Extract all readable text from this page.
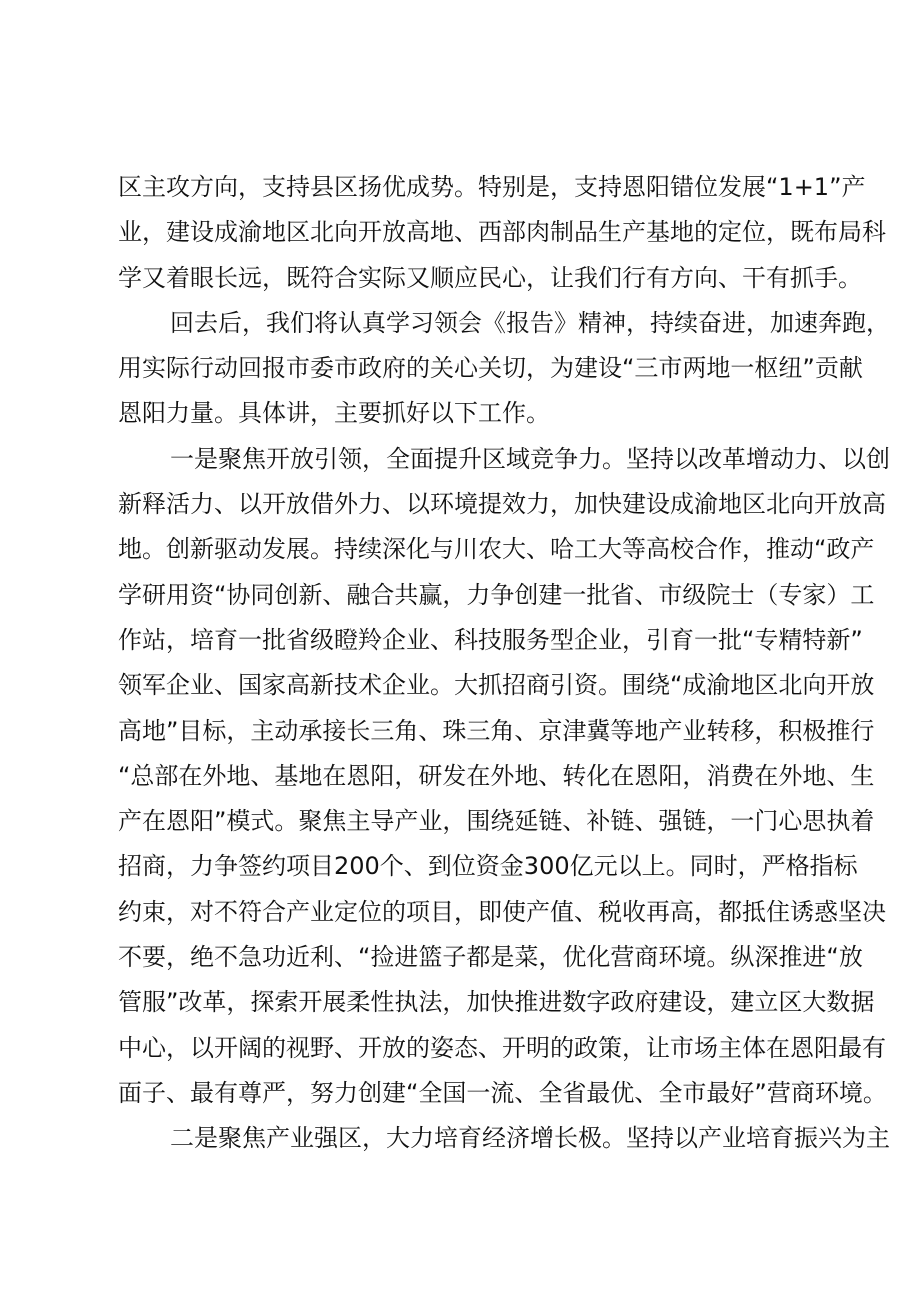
区主攻方向，支持县区扬优成势。特别是，支持恩阳错位发展“1+1”产
业，建设成渝地区北向开放高地、西部肉制品生产基地的定位，既布局科
学又着眼长远，既符合实际又顺应民心，让我们行有方向、干有抓手。
回去后，我们将认真学习领会《报告》精神，持续奋进，加速奔跑，
用实际行动回报市委市政府的关心关切，为建设“三市两地一枢纽”贡献
恩阳力量。具体讲，主要抓好以下工作。
一是聚焦开放引领，全面提升区域竞争力。坚持以改革增动力、以创
新释活力、以开放借外力、以环境提效力，加快建设成渝地区北向开放高
地。创新驱动发展。持续深化与川农大、哈工大等高校合作，推动“政产
学研用资“协同创新、融合共赢，力争创建一批省、市级院士（专家）工
作站，培育一批省级瞪羚企业、科技服务型企业，引育一批“专精特新”
领军企业、国家高新技术企业。大抓招商引资。围绕“成渝地区北向开放
高地”目标，主动承接长三角、珠三角、京津冀等地产业转移，积极推行
“总部在外地、基地在恩阳，研发在外地、转化在恩阳，消费在外地、生
产在恩阳”模式。聚焦主导产业，围绕延链、补链、强链，一门心思执着
招商，力争签约项目200个、到位资金300亿元以上。同时，严格指标
约束，对不符合产业定位的项目，即使产值、税收再高，都抵住诱惑坚决
不要，绝不急功近利、“捡进篮子都是菜，优化营商环境。纵深推进“放
管服”改革，探索开展柔性执法，加快推进数字政府建设，建立区大数据
中心，以开阔的视野、开放的姿态、开明的政策，让市场主体在恩阳最有
面子、最有尊严，努力创建“全国一流、全省最优、全市最好”营商环境。
二是聚焦产业强区，大力培育经济增长极。坚持以产业培育振兴为主
